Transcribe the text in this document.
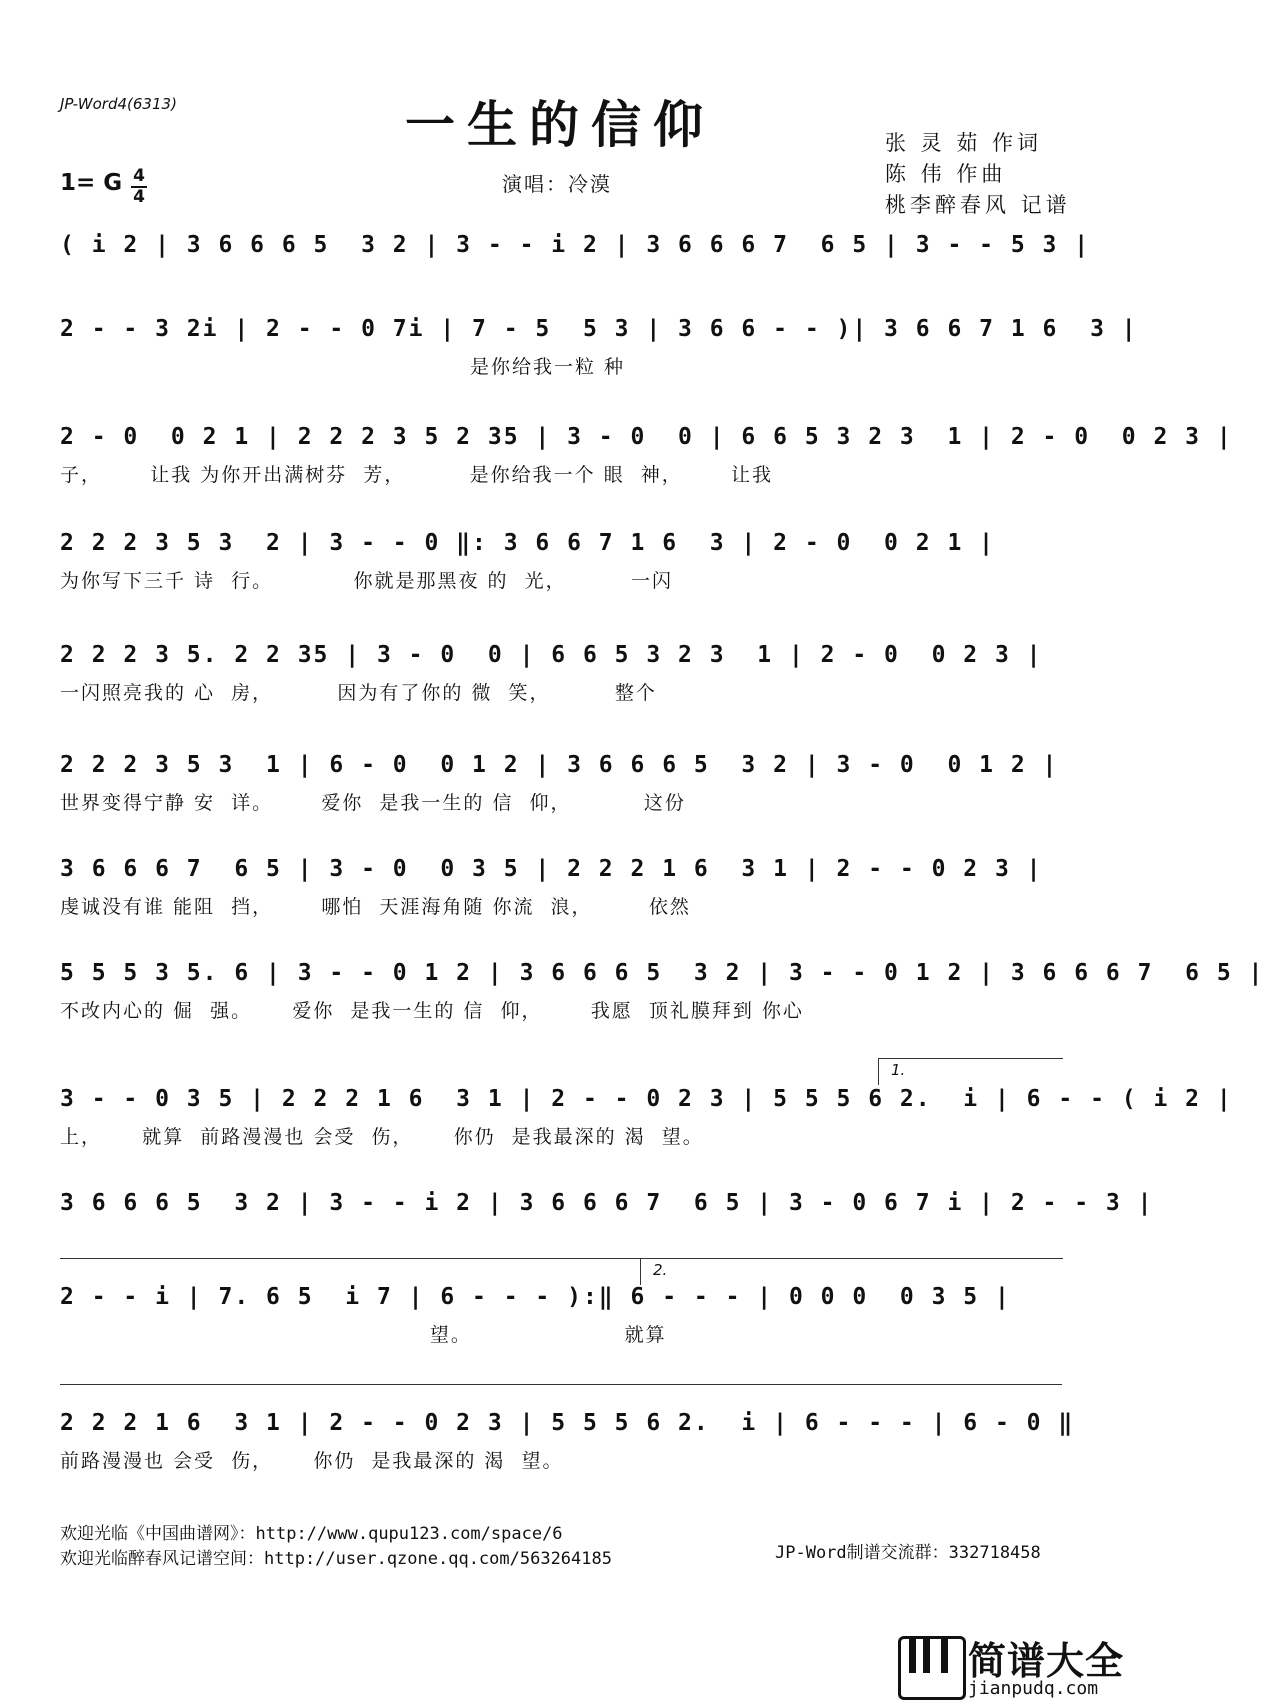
JP-Word4(6313)	一生的信仰	张 灵 茹 作词
陈 伟 作曲
桃李醉春风 记谱
1= G 4
4
演唱：冷漠
( i 2 | 3 6 6 6 5  3 2 | 3 - - i 2 | 3 6 6 6 7  6 5 | 3 - - 5 3 |
2 - - 3 2i | 2 - - 0 7i | 7 - 5  5 3 | 3 6 6 - - )| 3 6 6 7 1 6  3 |
是你给我一粒 种
2 - 0  0 2 1 | 2 2 2 3 5 2 35 | 3 - 0  0 | 6 6 5 3 2 3  1 | 2 - 0  0 2 3 |
子，      让我 为你开出满树芬  芳，        是你给我一个 眼  神，      让我
2 2 2 3 5 3  2 | 3 - - 0 ‖: 3 6 6 7 1 6  3 | 2 - 0  0 2 1 |
为你写下三千 诗  行。          你就是那黑夜 的  光，        一闪
2 2 2 3 5. 2 2 35 | 3 - 0  0 | 6 6 5 3 2 3  1 | 2 - 0  0 2 3 |
一闪照亮我的 心  房，        因为有了你的 微  笑，        整个
2 2 2 3 5 3  1 | 6 - 0  0 1 2 | 3 6 6 6 5  3 2 | 3 - 0  0 1 2 |
世界变得宁静 安  详。      爱你  是我一生的 信  仰，         这份
3 6 6 6 7  6 5 | 3 - 0  0 3 5 | 2 2 2 1 6  3 1 | 2 - - 0 2 3 |
虔诚没有谁 能阻  挡，      哪怕  天涯海角随 你流  浪，       依然
5 5 5 3 5. 6 | 3 - - 0 1 2 | 3 6 6 6 5  3 2 | 3 - - 0 1 2 | 3 6 6 6 7  6 5 |
不改内心的 倔  强。     爱你  是我一生的 信  仰，      我愿  顶礼膜拜到 你心
1.
3 - - 0 3 5 | 2 2 2 1 6  3 1 | 2 - - 0 2 3 | 5 5 5 6 2.  i | 6 - - ( i 2 |
上，     就算  前路漫漫也 会受  伤，     你仍  是我最深的 渴  望。
3 6 6 6 5  3 2 | 3 - - i 2 | 3 6 6 6 7  6 5 | 3 - 0 6 7 i | 2 - - 3 |
2.
2 - - i | 7. 6 5  i 7 | 6 - - - ):‖ 6 - - - | 0 0 0  0 3 5 |
望。                   就算
2 2 2 1 6  3 1 | 2 - - 0 2 3 | 5 5 5 6 2.  i | 6 - - - | 6 - 0 ‖
前路漫漫也 会受  伤，     你仍  是我最深的 渴  望。
欢迎光临《中国曲谱网》：http://www.qupu123.com/space/6
欢迎光临醉春风记谱空间：http://user.qzone.qq.com/563264185	JP-Word制谱交流群：332718458
简谱大全
jianpudq.com
